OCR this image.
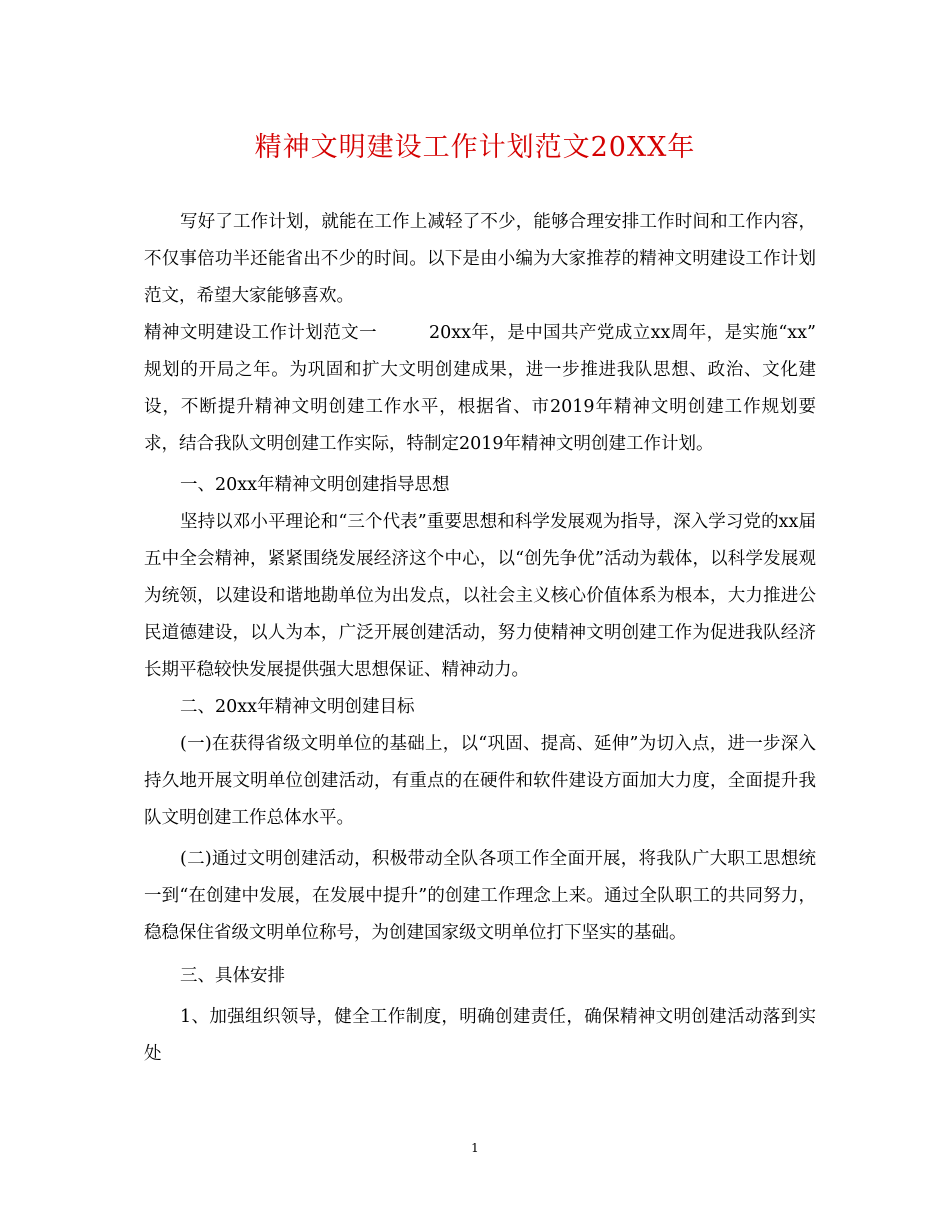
精神文明建设工作计划范文20XX年

写好了工作计划，就能在工作上减轻了不少，能够合理安排工作时间和工作内容，不仅事倍功半还能省出不少的时间。以下是由小编为大家推荐的精神文明建设工作计划范文，希望大家能够喜欢。

精神文明建设工作计划范文一	20xx年，是中国共产党成立xx周年，是实施“xx” 规划的开局之年。为巩固和扩大文明创建成果，进一步推进我队思想、政治、文化建设，不断提升精神文明创建工作水平，根据省、市2019年精神文明创建工作规划要求，结合我队文明创建工作实际，特制定2019年精神文明创建工作计划。

一、20xx年精神文明创建指导思想

坚持以邓小平理论和“三个代表”重要思想和科学发展观为指导，深入学习党的xx届五中全会精神，紧紧围绕发展经济这个中心，以“创先争优”活动为载体，以科学发展观为统领，以建设和谐地勘单位为出发点，以社会主义核心价值体系为根本，大力推进公民道德建设，以人为本，广泛开展创建活动，努力使精神文明创建工作为促进我队经济长期平稳较快发展提供强大思想保证、精神动力。

二、20xx年精神文明创建目标

(一)在获得省级文明单位的基础上，以“巩固、提高、延伸”为切入点，进一步深入持久地开展文明单位创建活动，有重点的在硬件和软件建设方面加大力度，全面提升我队文明创建工作总体水平。

(二)通过文明创建活动，积极带动全队各项工作全面开展，将我队广大职工思想统一到“在创建中发展，在发展中提升”的创建工作理念上来。通过全队职工的共同努力，稳稳保住省级文明单位称号，为创建国家级文明单位打下坚实的基础。

三、具体安排

1、加强组织领导，健全工作制度，明确创建责任，确保精神文明创建活动落到实处

1
